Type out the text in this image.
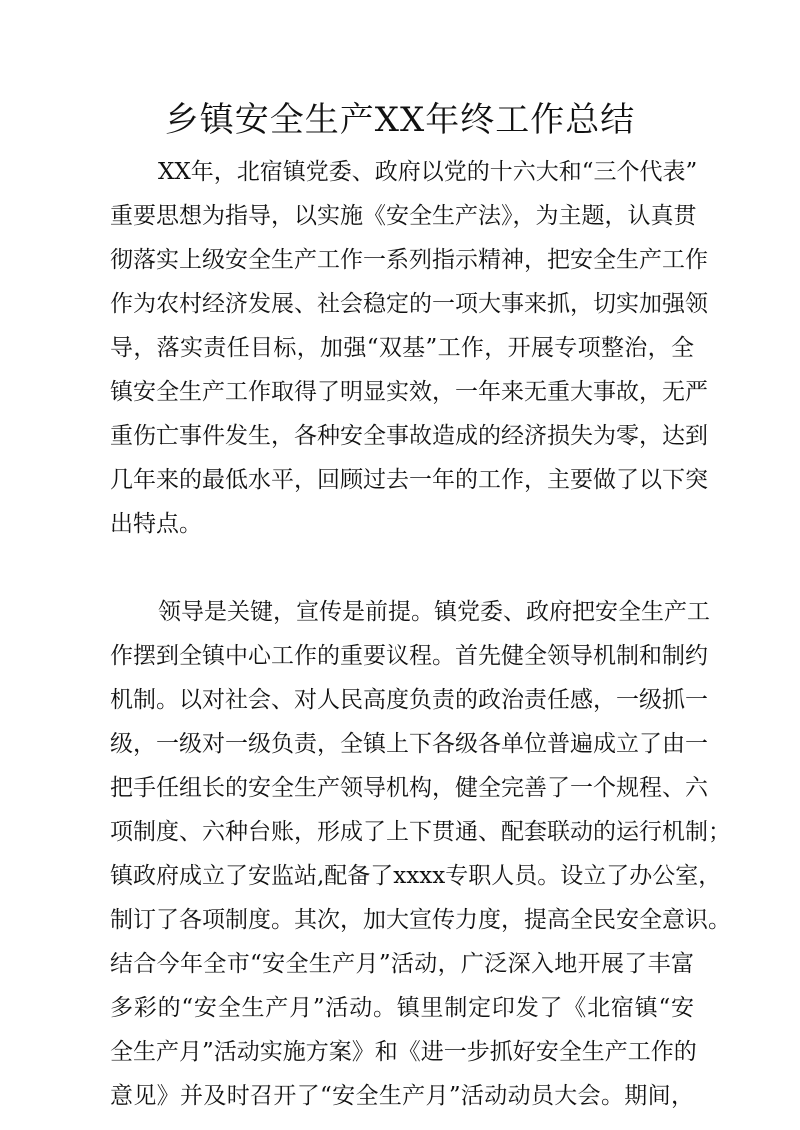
乡镇安全生产XX年终工作总结
XX年，北宿镇党委、政府以党的十六大和“三个代表”
重要思想为指导，以实施《安全生产法》，为主题，认真贯
彻落实上级安全生产工作一系列指示精神，把安全生产工作
作为农村经济发展、社会稳定的一项大事来抓，切实加强领
导，落实责任目标，加强“双基”工作，开展专项整治，全
镇安全生产工作取得了明显实效，一年来无重大事故，无严
重伤亡事件发生，各种安全事故造成的经济损失为零，达到
几年来的最低水平，回顾过去一年的工作，主要做了以下突
出特点。
领导是关键，宣传是前提。镇党委、政府把安全生产工
作摆到全镇中心工作的重要议程。首先健全领导机制和制约
机制。以对社会、对人民高度负责的政治责任感，一级抓一
级，一级对一级负责，全镇上下各级各单位普遍成立了由一
把手任组长的安全生产领导机构，健全完善了一个规程、六
项制度、六种台账，形成了上下贯通、配套联动的运行机制；
镇政府成立了安监站,配备了xxxx专职人员。设立了办公室，
制订了各项制度。其次，加大宣传力度，提高全民安全意识。
结合今年全市“安全生产月”活动，广泛深入地开展了丰富
多彩的“安全生产月”活动。镇里制定印发了《北宿镇“安
全生产月”活动实施方案》和《进一步抓好安全生产工作的
意见》并及时召开了“安全生产月”活动动员大会。期间，
